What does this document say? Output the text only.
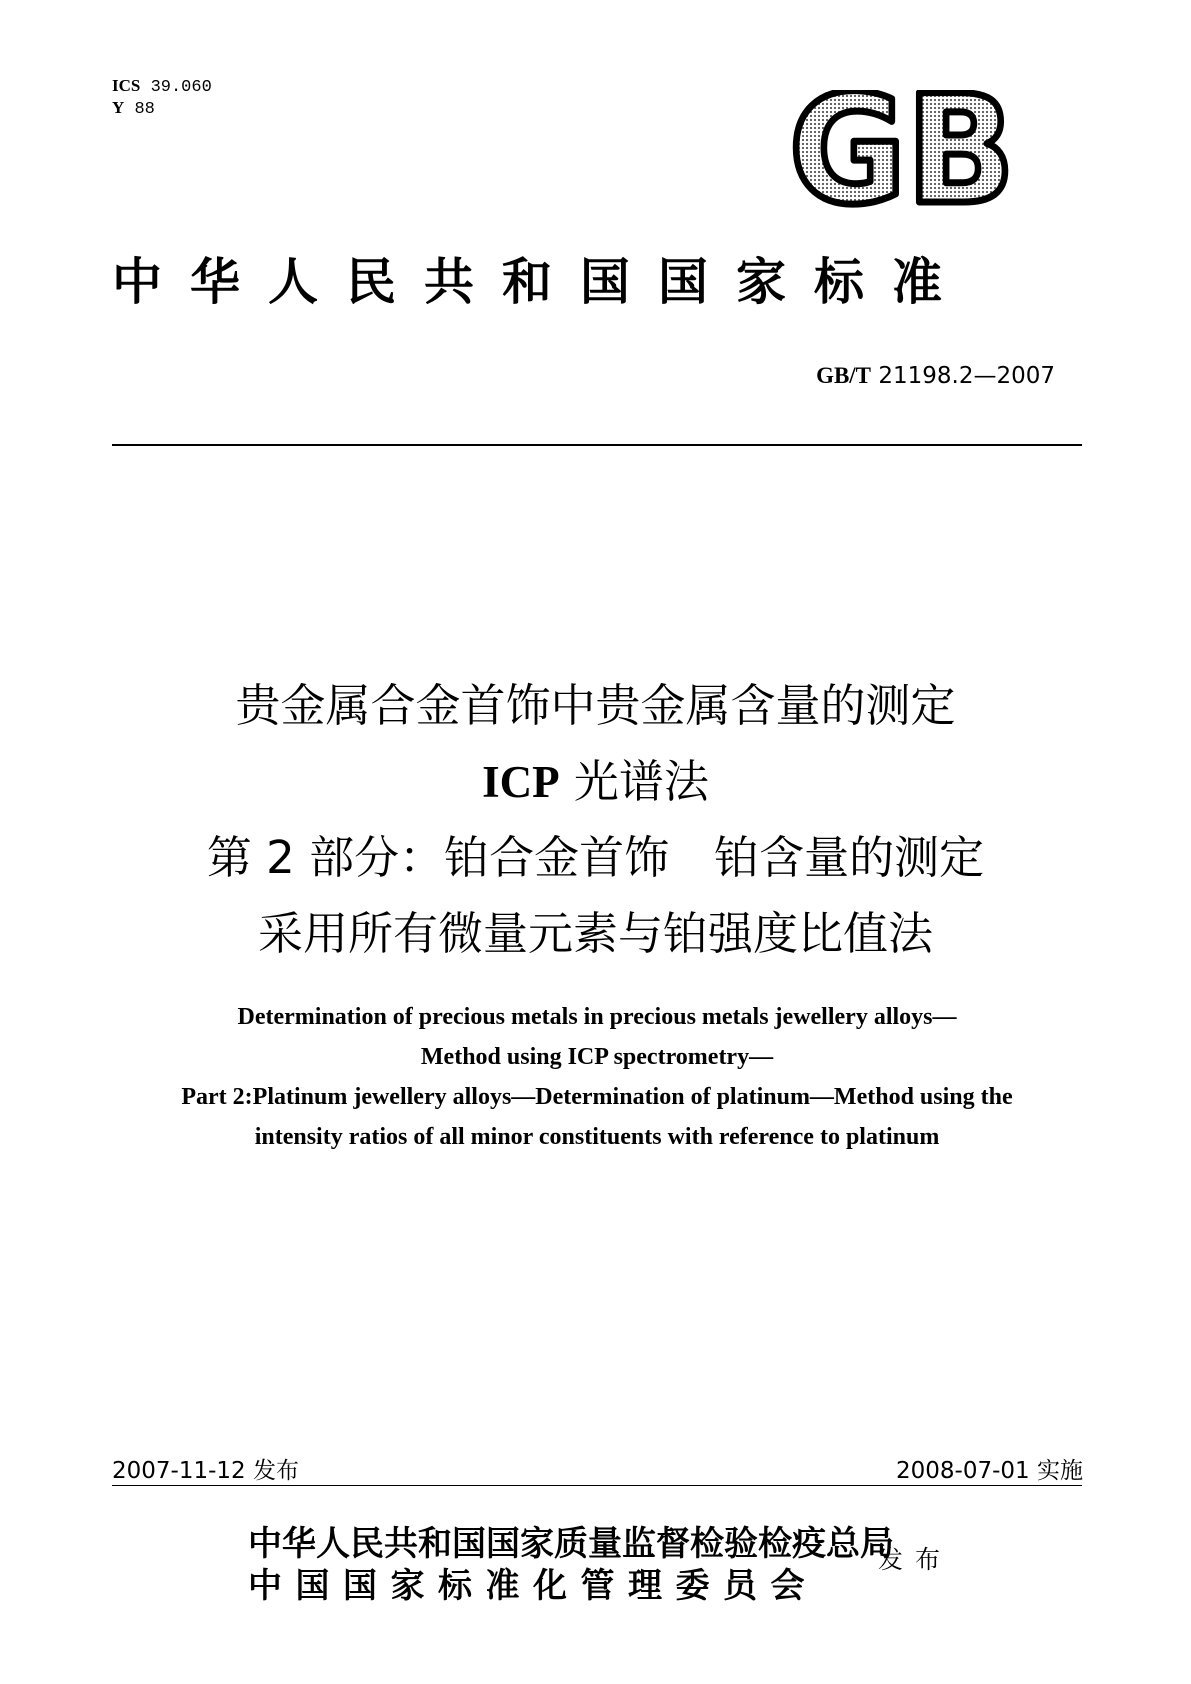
ICS 39.060
Y 88	GB
中华人民共和国国家标准
GB/T 21198.2—2007
贵金属合金首饰中贵金属含量的测定
ICP 光谱法
第 2 部分：铂合金首饰　铂含量的测定
采用所有微量元素与铂强度比值法
Determination of precious metals in precious metals jewellery alloys—
Method using ICP spectrometry—
Part 2:Platinum jewellery alloys—Determination of platinum—Method using the
intensity ratios of all minor constituents with reference to platinum
2007-11-12 发布	2008-07-01 实施
中华人民共和国国家质量监督检验检疫总局
中国国家标准化管理委员会
发布
